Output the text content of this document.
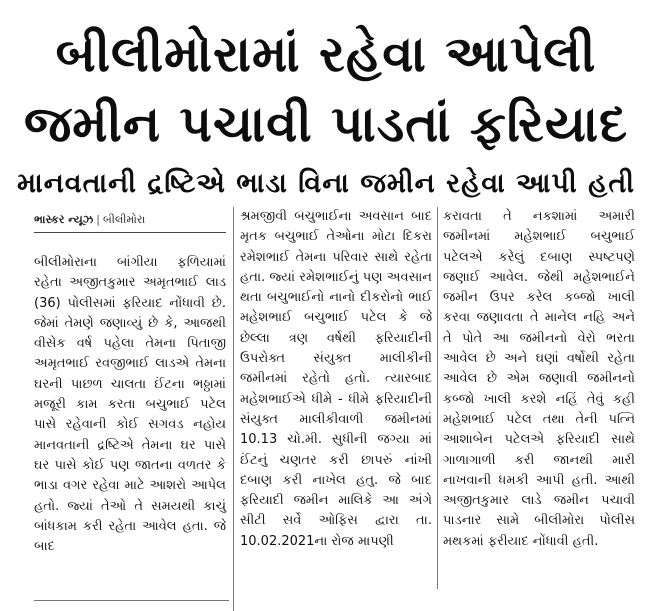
બીલીમોરામાં રહેવા આપેલી
જમીન પચાવી પાડતાં ફરિયાદ
માનવતાની દ્રષ્ટિએ ભાડા વિના જમીન રહેવા આપી હતી
ભાસ્કર ન્યૂઝ | બીલીમોરા

બીલીમોરાના બાંગીયા ફળિયામાં રહેતા અજીતકુમાર અમૃતભાઈ લાડ (36) પોલીસમાં ફરિયાદ નોંધાવી છે. જેમાં તેમણે જણાવ્યું છે કે, આજથી વીસેક વર્ષ પહેલા તેમના પિતાજી અમૃતભાઈ રવજીભાઈ લાડએ તેમના ઘરની પાછળ ચાલતા ઈંટના ભઠ્ઠામાં મજૂરી કામ કરતા બચુભાઈ પટેલ પાસે રહેવાની કોઈ સગવડ નહોય માનવતાની દ્રષ્ટિએ તેમના ઘર પાસે ઘર પાસે કોઈ પણ જાતના વળતર કે ભાડા વગર રહેવા માટે આશરો આપેલ હતો. જ્યાં તેઓ તે સમયથી કાચું બાંધકામ કરી રહેતા આવેલ હતા. જે બાદ

શ્રમજીવી બચુભાઈના અવસાન બાદ મૃતક બચુભાઈ તેઓના મોટા દિકરા રમેશભાઈ તેમના પરિવાર સાથે રહેતા હતા. જ્યાં રમેશભાઈનું પણ અવસાન થતા બચુભાઈનો નાનો દીકરોનો ભાઈ મહેશભાઈ બચુભાઈ પટેલ કે જે છેલ્લા ત્રણ વર્ષથી ફરિયાદીની ઉપરોક્ત સંયુક્ત માલીકીની જમીનમાં રહેતો હતો. ત્યારબાદ મહેશભાઈએ ધીમે - ધીમે ફરિયાદીની સંયુક્ત માલીકીવાળી જમીનમાં 10.13 ચો.મી. સુધીની જગ્યા માં ઈંટનું ચણતર કરી છાપરું નાંખી દબાણ કરી નાખેલ હતુ. જે બાદ ફરિયાદી જમીન માલિકે આ અંગે સીટી સર્વે ઓફિસ દ્વારા તા. 10.02.2021ના રોજ માપણી

કરાવતા તે નકશામાં અમારી જમીનમાં મહેશભાઈ બચુભાઈ પટેલએ કરેલું દબાણ સ્પષ્ટપણે જણાઈ આવેલ. જેથી મહેશભાઈને જમીન ઉપર કરેલ કબ્જો ખાલી કરવા જણાવતા તે માનેલ નહિ અને તે પોતે આ જમીનનો વેરો ભરતા આવેલ છે અને ઘણાં વર્ષોથી રહેતા આવેલ છે એમ જણાવી જમીનનો કબ્જો ખાલી કરશે નહિં તેવું કહી મહેશભાઈ પટેલ તથા તેની પત્નિ આશાબેન પટેલએ ફરિયાદી સાથે ગાળાગાળી કરી જાનથી મારી નાખવાની ધમકી આપી હતી. આથી અજીતકુમાર લાડે જમીન પચાવી પાડનાર સામે બીલીમોરા પોલીસ મથકમાં ફરીયાદ નોંધાવી હતી.
